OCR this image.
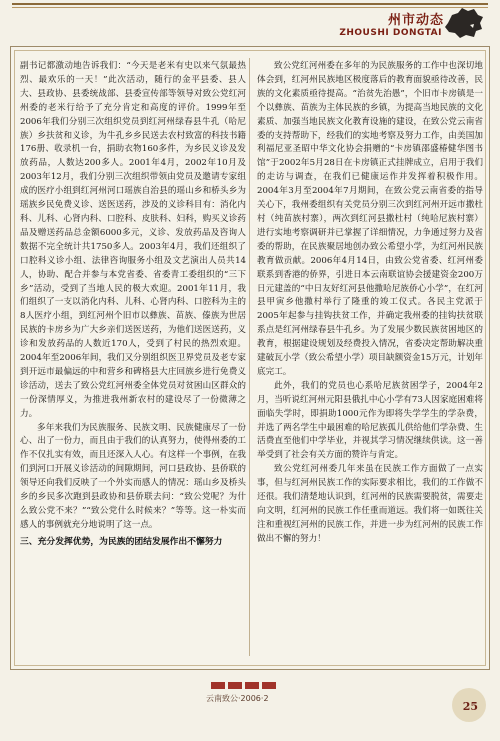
州市动态
ZHOUSHI DONGTAI

副书记都激动地告诉我们：“今天是老米有史以来气氛最热烈、最欢乐的一天！”此次活动，随行的金平县委、县人大、县政协、县委统战部、县委宣传部等领导对致公党红河州委的老米行给予了充分肯定和高度的评价。1999年至2006年我们分别三次组织党员到红河州绿春县牛孔（哈尼族）乡扶贫和义诊，为牛孔乡乡民送去农村致富的科技书籍176册、收录机一台，捐助衣物160多件，为乡民义诊及发放药品，人数达200多人。2001年4月，2002年10月及2003年12月，我们分别三次组织带领由党员及邀请专家组成的医疗小组到红河州河口瑶族自治县的瑶山乡和桥头乡为瑶族乡民免费义诊、送医送药，涉及的义诊科目有：消化内科、儿科、心肾内科、口腔科、皮肤科、妇科，购买义诊药品及赠送药品总金额6000多元，义诊、发放药品及咨询人数据不完全统计共1750多人。2003年4月，我们还组织了口腔科义诊小组、法律咨询服务小组及文艺演出人员共14人，协助、配合并参与本党省委、省委青工委组织的“三下乡”活动，受到了当地人民的极大欢迎。2001年11月，我们组织了一支以消化内科、儿科、心肾内科、口腔科为主的8人医疗小组，到红河州个旧市以彝族、苗族、傣族为世居民族的卡房乡为广大乡亲们送医送药，为他们送医送药，义诊和发放药品的人数近170人，受到了村民的热烈欢迎。2004年至2006年间，我们又分别组织医卫界党员及老专家到开远市最偏远的中和营乡和碑格县大庄回族乡进行免费义诊活动，送去了致公党红河州委全体党员对贫困山区群众的一份深情厚义，为推进我州新农村的建设尽了一份微薄之力。

多年来我们为民族服务、民族文明、民族健康尽了一份心、出了一份力，而且由于我们的认真努力，使得州委的工作不仅扎实有效，而且还深入人心。有这样一个事例，在我们到河口开展义诊活动的间隙期间，河口县政协、县侨联的领导还向我们反映了一个外实而感人的情况：瑶山乡及桥头乡的乡民多次跑到县政协和县侨联去问：“致公党呢？为什么致公党不来？”“致公党什么时候来？”等等。这一朴实而感人的事例就充分地说明了这一点。

三、充分发挥优势，为民族的团结发展作出不懈努力

致公党红河州委在多年的为民族服务的工作中也深切地体会到，红河州民族地区极度落后的教育面貌亟待改善，民族的文化素质亟待提高。“治贫先治愚”，个旧市卡房镇是一个以彝族、苗族为主体民族的乡镇，为提高当地民族的文化素质、加强当地民族文化教育设施的建设，在致公党云南省委的支持帮助下，经我们的实地考察及努力工作，由美国加利福尼亚圣昭中华文化协会捐赠的“卡房镇邵盛椿健华图书馆”于2002年5月28日在卡房镇正式挂牌成立，启用于我们的走访与调查，在我们已健康运作并发挥着积极作用。2004年3月至2004年7月期间，在致公党云南省委的指导关心下，我州委组织有关党员分别三次到红河州开远市撒杜村（纯苗族村寨），两次到红河县撒杜村（纯哈尼族村寨）进行实地考察调研并已掌握了详细情况，力争通过努力及省委的帮助，在民族聚居地创办致公希望小学，为红河州民族教育做贡献。2006年4月14日，由致公党省委、红河州委联系到香港的侨界，引进日本云南联谊协会援建资金200万日元建盖的“中日友好红河县他撒哈尼族侨心小学”，在红河县甲寅乡他撒村举行了隆重的竣工仪式。各民主党派于2005年起参与挂钩扶贫工作，并确定我州委的挂钩扶贫联系点是红河州绿春县牛孔乡。为了发展少数民族贫困地区的教育，根据建设规划及经费投入情况，省委决定帮助解决重建破瓦小学（致公希望小学）项目缺额资金15万元，计划年底完工。

此外，我们的党员也心系哈尼族贫困学子，2004年2月，当听说红河州元阳县俄扎中心小学有73人因家庭困难将面临失学时，即捐助1000元作为即将失学学生的学杂费，并选了两名学生中最困难的哈尼族孤儿供给他们学杂费、生活费直至他们中学毕业，并视其学习情况继续供读。这一善举受到了社会有关方面的赞许与肯定。

致公党红河州委几年来虽在民族工作方面做了一点实事，但与红河州民族工作的实际要求相比，我们的工作做不还很。我们清楚地认识到，红河州的民族需要脱贫，需要走向文明，红河州的民族工作任重而道远。我们将一如既往关注和重视红河州的民族工作，并进一步为红河州的民族工作做出不懈的努力！

云南致公·2006·2
25
